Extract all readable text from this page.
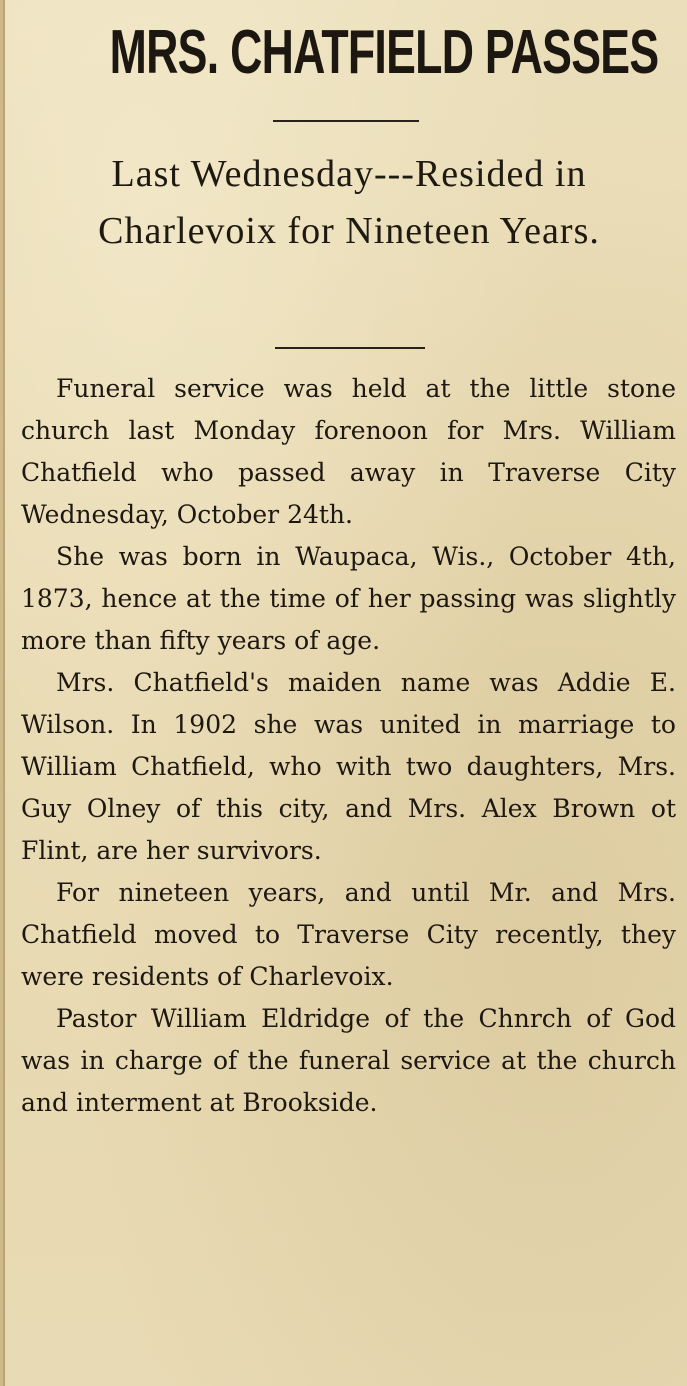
MRS. CHATFIELD PASSES
Last Wednesday---Resided in Charlevoix for Nineteen Years.

Funeral service was held at the little stone church last Monday forenoon for Mrs. William Chatfield who passed away in Traverse City Wednesday, October 24th.

She was born in Waupaca, Wis., October 4th, 1873, hence at the time of her passing was slightly more than fifty years of age.

Mrs. Chatfield's maiden name was Addie E. Wilson. In 1902 she was united in marriage to William Chatfield, who with two daughters, Mrs. Guy Olney of this city, and Mrs. Alex Brown ot Flint, are her survivors.

For nineteen years, and until Mr. and Mrs. Chatfield moved to Traverse City recently, they were residents of Charlevoix.

Pastor William Eldridge of the Chnrch of God was in charge of the funeral service at the church and interment at Brookside.
